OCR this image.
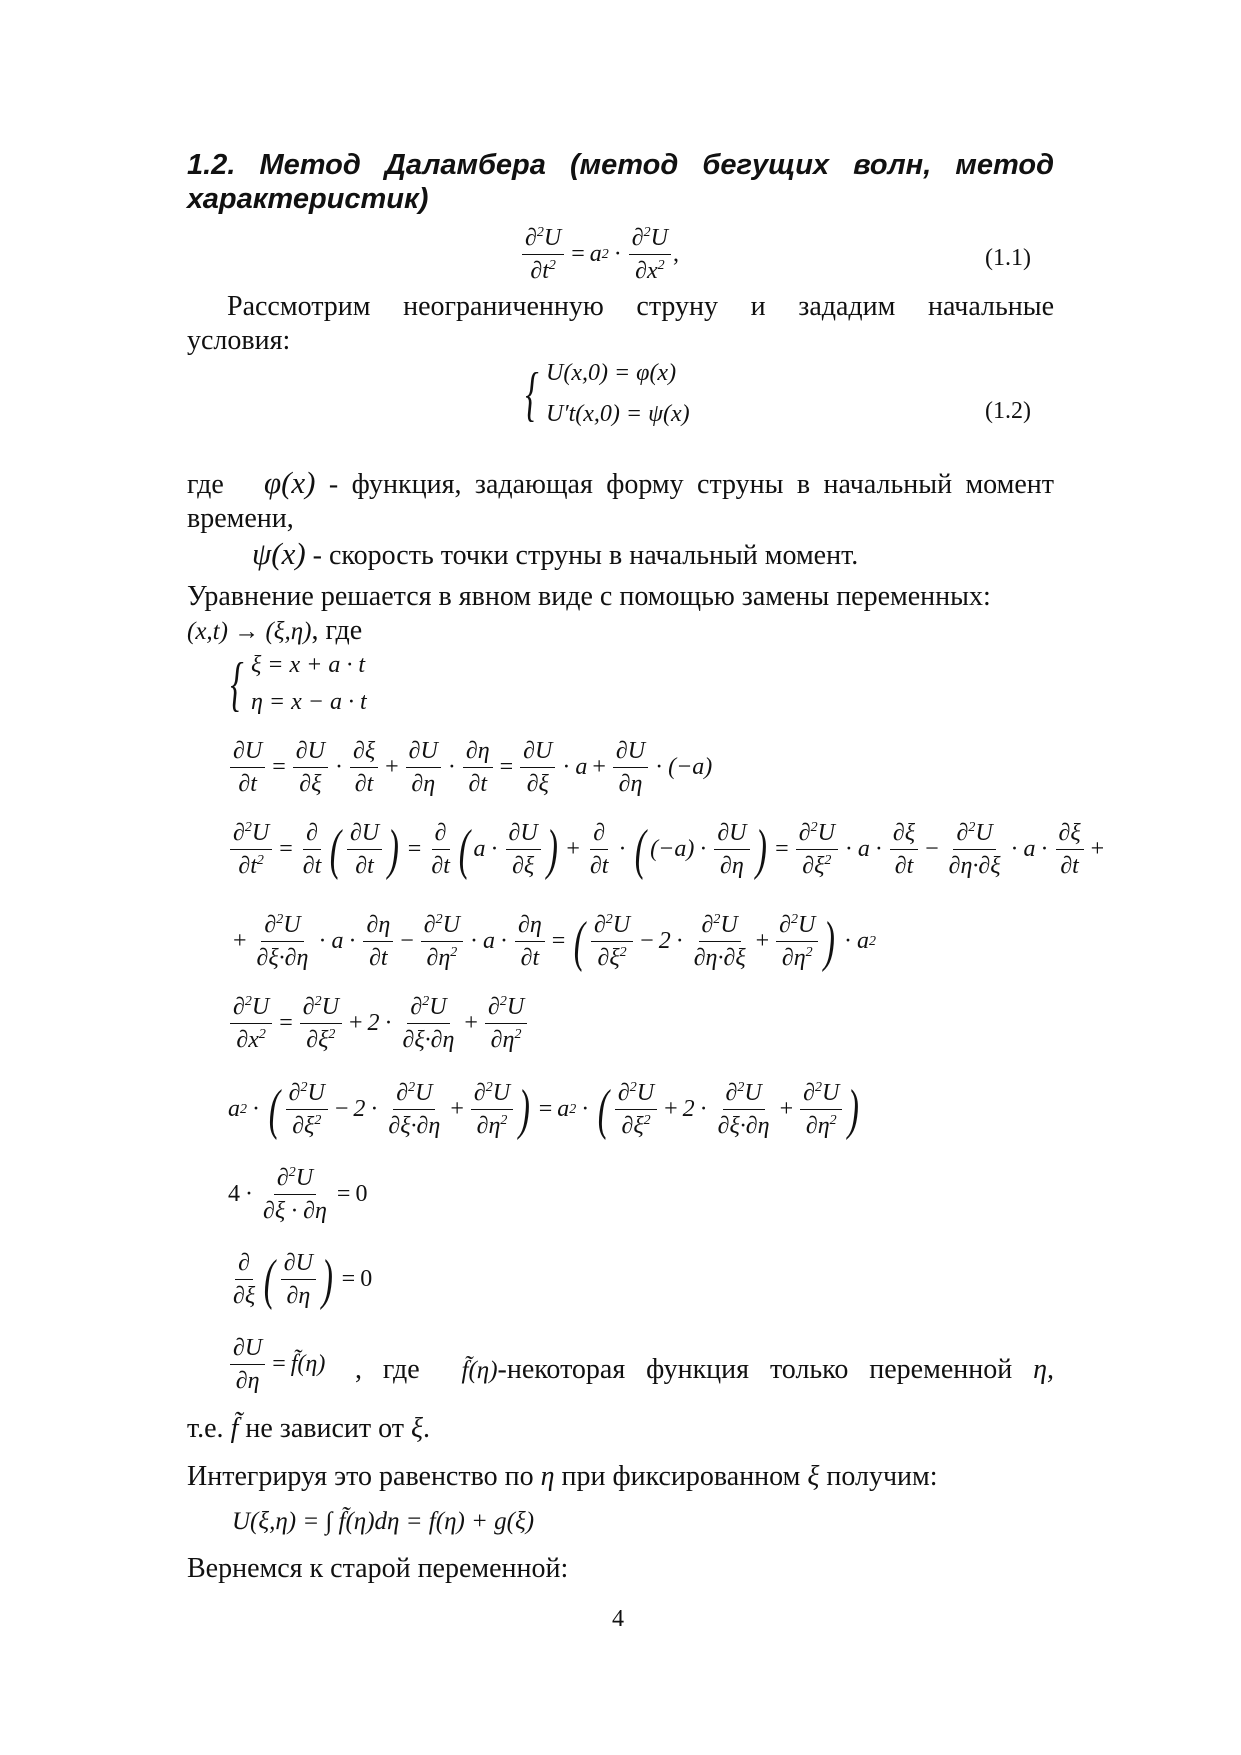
1.2. Метод Даламбера (метод бегущих волн, метод
характеристик)
$\frac{\partial^2U}{\partial t^2} = a$ $2 \cdot \frac{\partial^2U}{\partial x^2}$ ,	(1.1)
Рассмотрим неограниченную струну и зададим начальные
условия:
{ U(x,0) = φ(x)
U′t(x,0) = ψ(x)	(1.2)
где φ(x) - функция, задающая форму струны в начальный момент
времени,
ψ(x) - скорость точки струны в начальный момент.
Уравнение решается в явном виде с помощью замены переменных:
(x,t) → (ξ,η), где
{ ξ = x + a · t
η = x − a · t
$\frac{\partial U}{\partial t} = \frac{\partial U}{\partial\xi} \cdot \frac{\partial\xi}{\partial t} + \frac{\partial U}{\partial\eta} \cdot \frac{\partial\eta}{\partial t} = \frac{\partial U}{\partial\xi} \cdot a + \frac{\partial U}{\partial\eta} \cdot (-a)$
$\frac{\partial^2U}{\partial t^2} = \frac{\partial}{\partial t}$ ( $\frac{\partial U}{\partial t}$ ) = $\frac{\partial}{\partial t}$ ( $a \cdot \frac{\partial U}{\partial\xi}$ ) + $\frac{\partial}{\partial t}$ · ( $(-a) \cdot \frac{\partial U}{\partial\eta}$ ) = $\frac{\partial^2U}{\partial\xi^2} \cdot a \cdot \frac{\partial\xi}{\partial t} - \frac{\partial^2U}{\partial\eta\cdot\partial\xi} \cdot a \cdot \frac{\partial\xi}{\partial t}$ +
+ $\frac{\partial^2U}{\partial\xi\cdot\partial\eta} \cdot a \cdot \frac{\partial\eta}{\partial t} - \frac{\partial^2U}{\partial\eta^2} \cdot a \cdot \frac{\partial\eta}{\partial t}$ = ( $\frac{\partial^2U}{\partial\xi^2} - 2 \cdot \frac{\partial^2U}{\partial\eta\cdot\partial\xi} + \frac{\partial^2U}{\partial\eta^2}$ ) · a 2
$\frac{\partial^2U}{\partial x^2} = \frac{\partial^2U}{\partial\xi^2} + 2 \cdot \frac{\partial^2U}{\partial\xi\cdot\partial\eta} + \frac{\partial^2U}{\partial\eta^2}$
a 2 · ( $\frac{\partial^2U}{\partial\xi^2} - 2 \cdot \frac{\partial^2U}{\partial\xi\cdot\partial\eta} + \frac{\partial^2U}{\partial\eta^2}$ ) = a 2 · ( $\frac{\partial^2U}{\partial\xi^2} + 2 \cdot \frac{\partial^2U}{\partial\xi\cdot\partial\eta} + \frac{\partial^2U}{\partial\eta^2}$ )
$4 \cdot \frac{\partial^2U}{\partial\xi \cdot \partial\eta} = 0$
$\frac{\partial}{\partial\xi}$ ( $\frac{\partial U}{\partial\eta}$ ) = 0
$\frac{\partial U}{\partial\eta}$ = f̃(η) , где f̃(η)-некоторая функция только переменной η,
т.е. f̃ не зависит от ξ.
Интегрируя это равенство по η при фиксированном ξ получим:
U(ξ,η) = ∫ f̃(η)dη = f(η) + g(ξ)
Вернемся к старой переменной:
4
